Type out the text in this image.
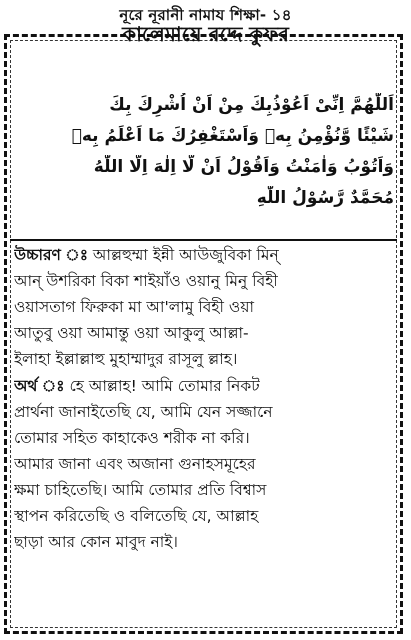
নূরে নূরানী নামায শিক্ষা- ১৪
কালেমায়ে রদ্দে কুফর
اَللّٰهُمَّ اِنِّىْ اَعُوْذُبِكَ مِنْ اَنْ اُشْرِكَ بِكَ
شَيْئًا وَّنُؤْمِنُ بِهٖ وَاَسْتَغْفِرُكَ مَا اَعْلَمُ بِهٖ
وَاَتُوْبُ وَاٰمَنْتُ وَاَقُوْلُ اَنْ لَّا اِلٰهَ اِلَّا اللّٰهُ
مُحَمَّدٌ رَّسُوْلُ اللّٰهِ
উচ্চারণ ঃ আল্লহুম্মা ইন্নী আউজুবিকা মিন্
আন্ উশরিকা বিকা শাইয়াঁও ওয়ানু মিনু বিহী
ওয়াসতাগ ফিরুকা মা আ'লামু বিহী ওয়া
আতুবু ওয়া আমান্তু ওয়া আকুলু আল্লা-
ইলাহা ইল্লাল্লাহু মুহাম্মাদুর রাসূলু ল্লাহ।
অর্থ ঃ হে আল্লাহ! আমি তোমার নিকট
প্রার্থনা জানাইতেছি যে, আমি যেন সজ্জানে
তোমার সহিত কাহাকেও শরীক না করি।
আমার জানা এবং অজানা গুনাহসমূহের
ক্ষমা চাহিতেছি। আমি তোমার প্রতি বিশ্বাস
স্থাপন করিতেছি ও বলিতেছি যে, আল্লাহ
ছাড়া আর কোন মাবুদ নাই।
